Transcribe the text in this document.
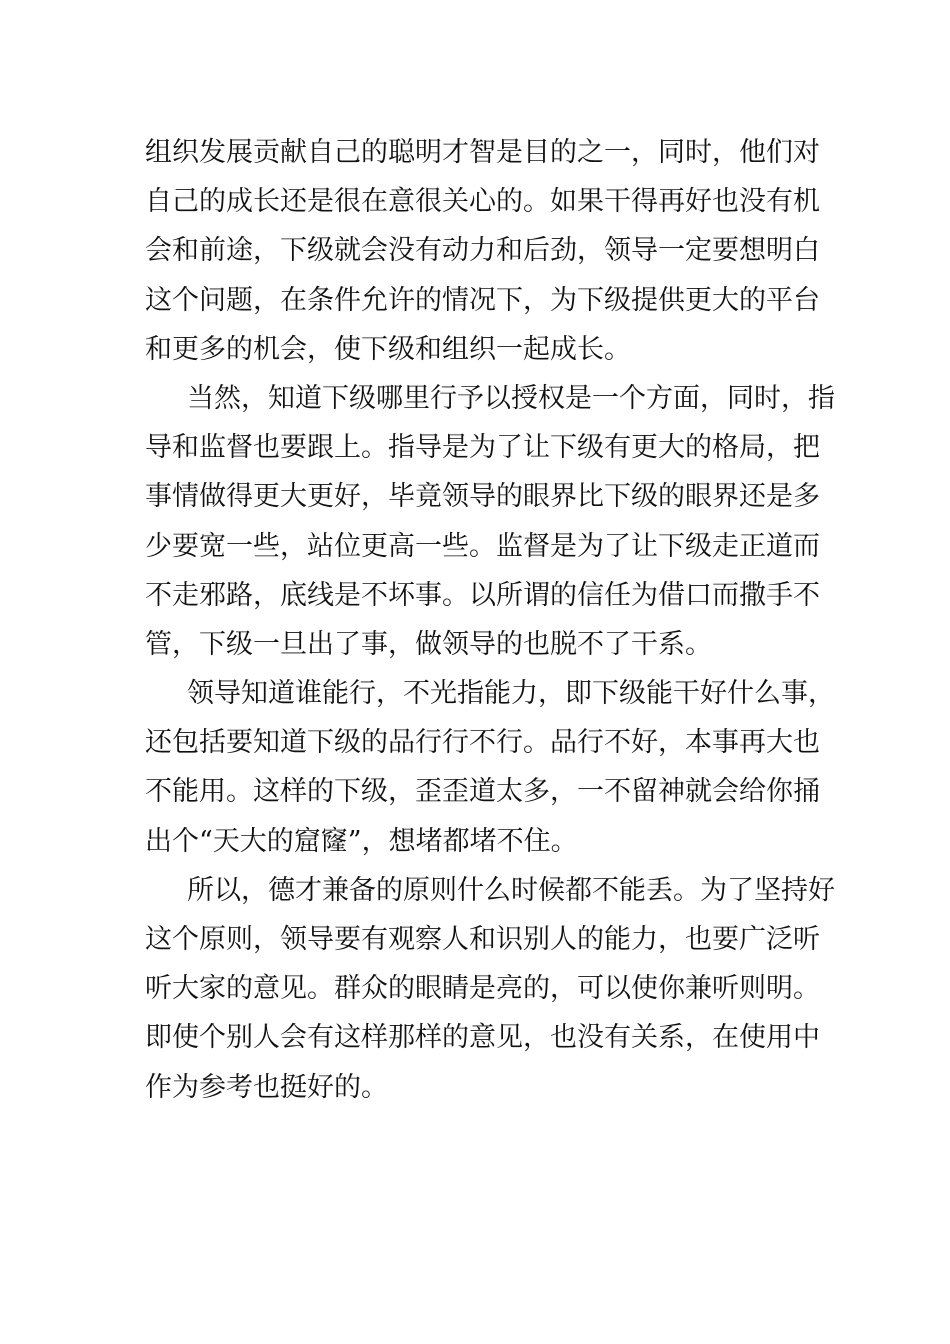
组织发展贡献自己的聪明才智是目的之一，同时，他们对
自己的成长还是很在意很关心的。如果干得再好也没有机
会和前途，下级就会没有动力和后劲，领导一定要想明白
这个问题，在条件允许的情况下，为下级提供更大的平台
和更多的机会，使下级和组织一起成长。
当然，知道下级哪里行予以授权是一个方面，同时，指
导和监督也要跟上。指导是为了让下级有更大的格局，把
事情做得更大更好，毕竟领导的眼界比下级的眼界还是多
少要宽一些，站位更高一些。监督是为了让下级走正道而
不走邪路，底线是不坏事。以所谓的信任为借口而撒手不
管，下级一旦出了事，做领导的也脱不了干系。
领导知道谁能行，不光指能力，即下级能干好什么事，
还包括要知道下级的品行行不行。品行不好，本事再大也
不能用。这样的下级，歪歪道太多，一不留神就会给你捅
出个“天大的窟窿”，想堵都堵不住。
所以，德才兼备的原则什么时候都不能丢。为了坚持好
这个原则，领导要有观察人和识别人的能力，也要广泛听
听大家的意见。群众的眼睛是亮的，可以使你兼听则明。
即使个别人会有这样那样的意见，也没有关系，在使用中
作为参考也挺好的。
